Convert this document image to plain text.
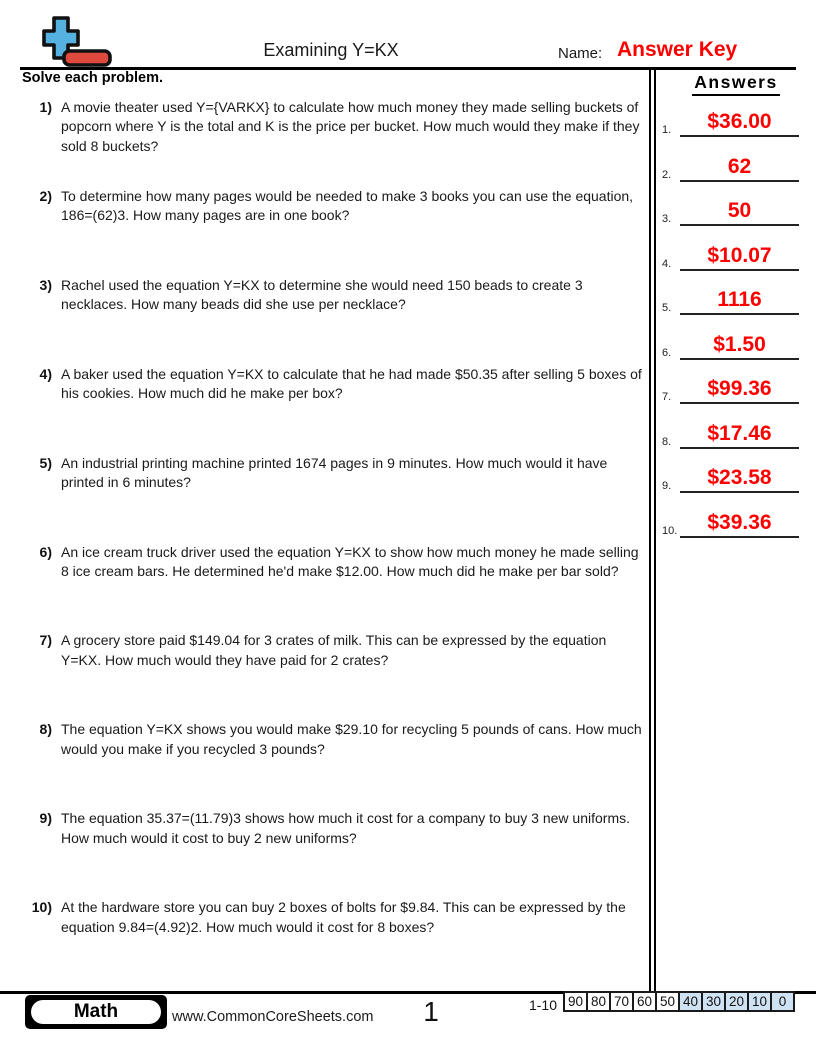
Examining Y=KX	Name: Answer Key
Solve each problem.
1) A movie theater used Y={VARKX} to calculate how much money they made selling buckets of popcorn where Y is the total and K is the price per bucket. How much would they make if they sold 8 buckets?
2) To determine how many pages would be needed to make 3 books you can use the equation, 186=(62)3. How many pages are in one book?
3) Rachel used the equation Y=KX to determine she would need 150 beads to create 3 necklaces. How many beads did she use per necklace?
4) A baker used the equation Y=KX to calculate that he had made $50.35 after selling 5 boxes of his cookies. How much did he make per box?
5) An industrial printing machine printed 1674 pages in 9 minutes. How much would it have printed in 6 minutes?
6) An ice cream truck driver used the equation Y=KX to show how much money he made selling 8 ice cream bars. He determined he'd make $12.00. How much did he make per bar sold?
7) A grocery store paid $149.04 for 3 crates of milk. This can be expressed by the equation Y=KX. How much would they have paid for 2 crates?
8) The equation Y=KX shows you would make $29.10 for recycling 5 pounds of cans. How much would you make if you recycled 3 pounds?
9) The equation 35.37=(11.79)3 shows how much it cost for a company to buy 3 new uniforms. How much would it cost to buy 2 new uniforms?
10) At the hardware store you can buy 2 boxes of bolts for $9.84. This can be expressed by the equation 9.84=(4.92)2. How much would it cost for 8 boxes?
Answers
1. $36.00
2.	62
3.	50
4. $10.07
5. 1116
6. $1.50
7. $99.36
8. $17.46
9. $23.58
10. $39.36
Math	www.CommonCoreSheets.com	1	1-10 90 80 70 60 50 40 30 20 10 0
